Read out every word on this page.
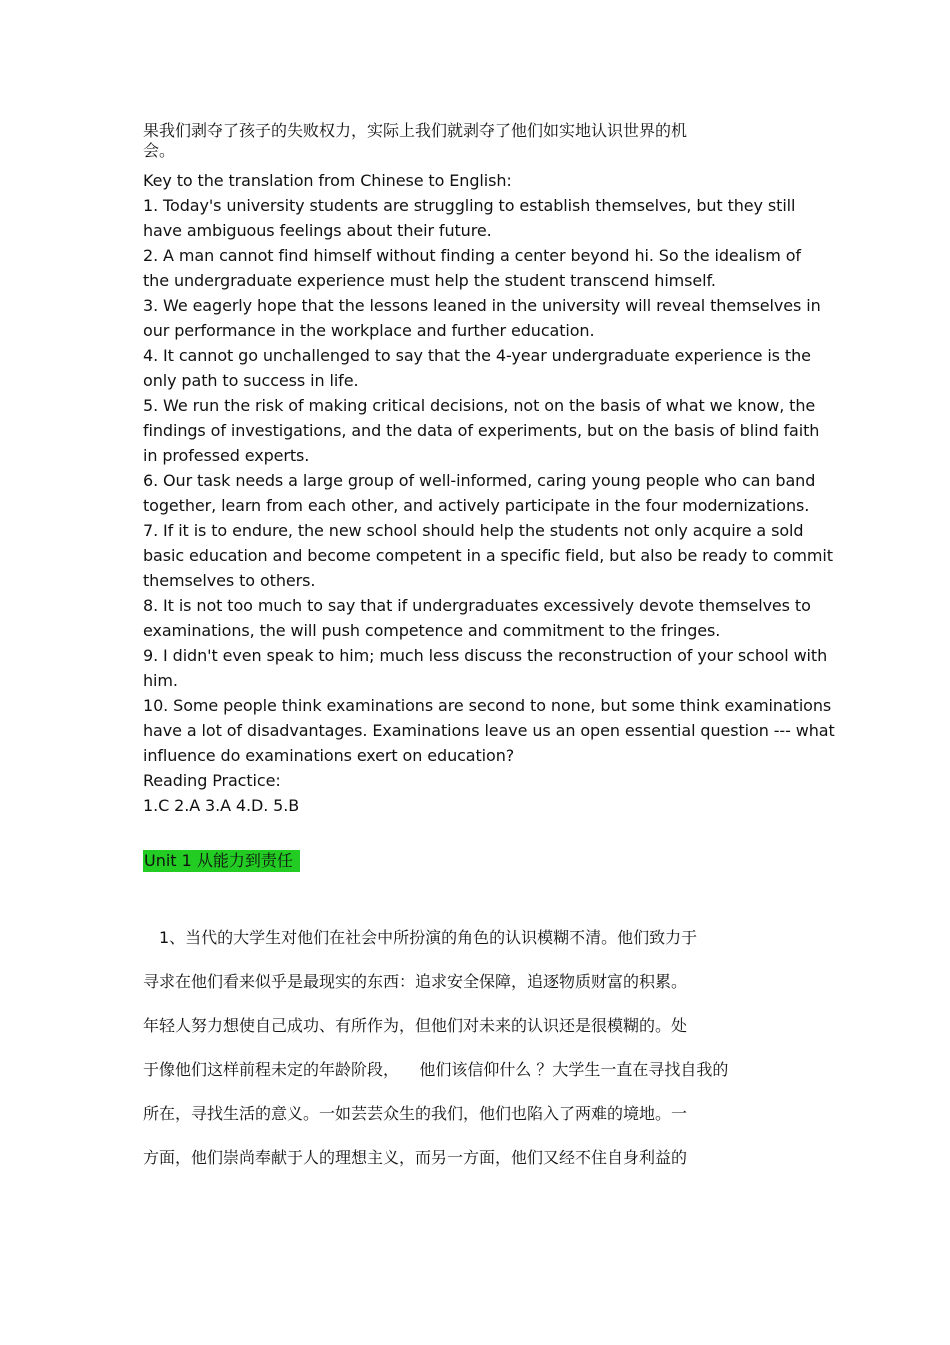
果我们剥夺了孩子的失败权力，实际上我们就剥夺了他们如实地认识世界的机
会。
Key to the translation from Chinese to English:
1. Today's university students are struggling to establish themselves, but they still
have ambiguous feelings about their future.
2. A man cannot find himself without finding a center beyond hi. So the idealism of
the undergraduate experience must help the student transcend himself.
3. We eagerly hope that the lessons leaned in the university will reveal themselves in
our performance in the workplace and further education.
4. It cannot go unchallenged to say that the 4-year undergraduate experience is the
only path to success in life.
5. We run the risk of making critical decisions, not on the basis of what we know, the
findings of investigations, and the data of experiments, but on the basis of blind faith
in professed experts.
6. Our task needs a large group of well-informed, caring young people who can band
together, learn from each other, and actively participate in the four modernizations.
7. If it is to endure, the new school should help the students not only acquire a sold
basic education and become competent in a specific field, but also be ready to commit
themselves to others.
8. It is not too much to say that if undergraduates excessively devote themselves to
examinations, the will push competence and commitment to the fringes.
9. I didn't even speak to him; much less discuss the reconstruction of your school with
him.
10. Some people think examinations are second to none, but some think examinations
have a lot of disadvantages. Examinations leave us an open essential question --- what
influence do examinations exert on education?
Reading Practice:
1.C 2.A 3.A 4.D. 5.B
Unit 1 从能力到责任
1、当代的大学生对他们在社会中所扮演的角色的认识模糊不清。他们致力于
寻求在他们看来似乎是最现实的东西：追求安全保障，追逐物质财富的积累。
年轻人努力想使自己成功、有所作为，但他们对未来的认识还是很模糊的。处
于像他们这样前程未定的年龄阶段，    他们该信仰什么 ？大学生一直在寻找自我的
所在，寻找生活的意义。一如芸芸众生的我们，他们也陷入了两难的境地。一
方面，他们崇尚奉献于人的理想主义，而另一方面，他们又经不住自身利益的
